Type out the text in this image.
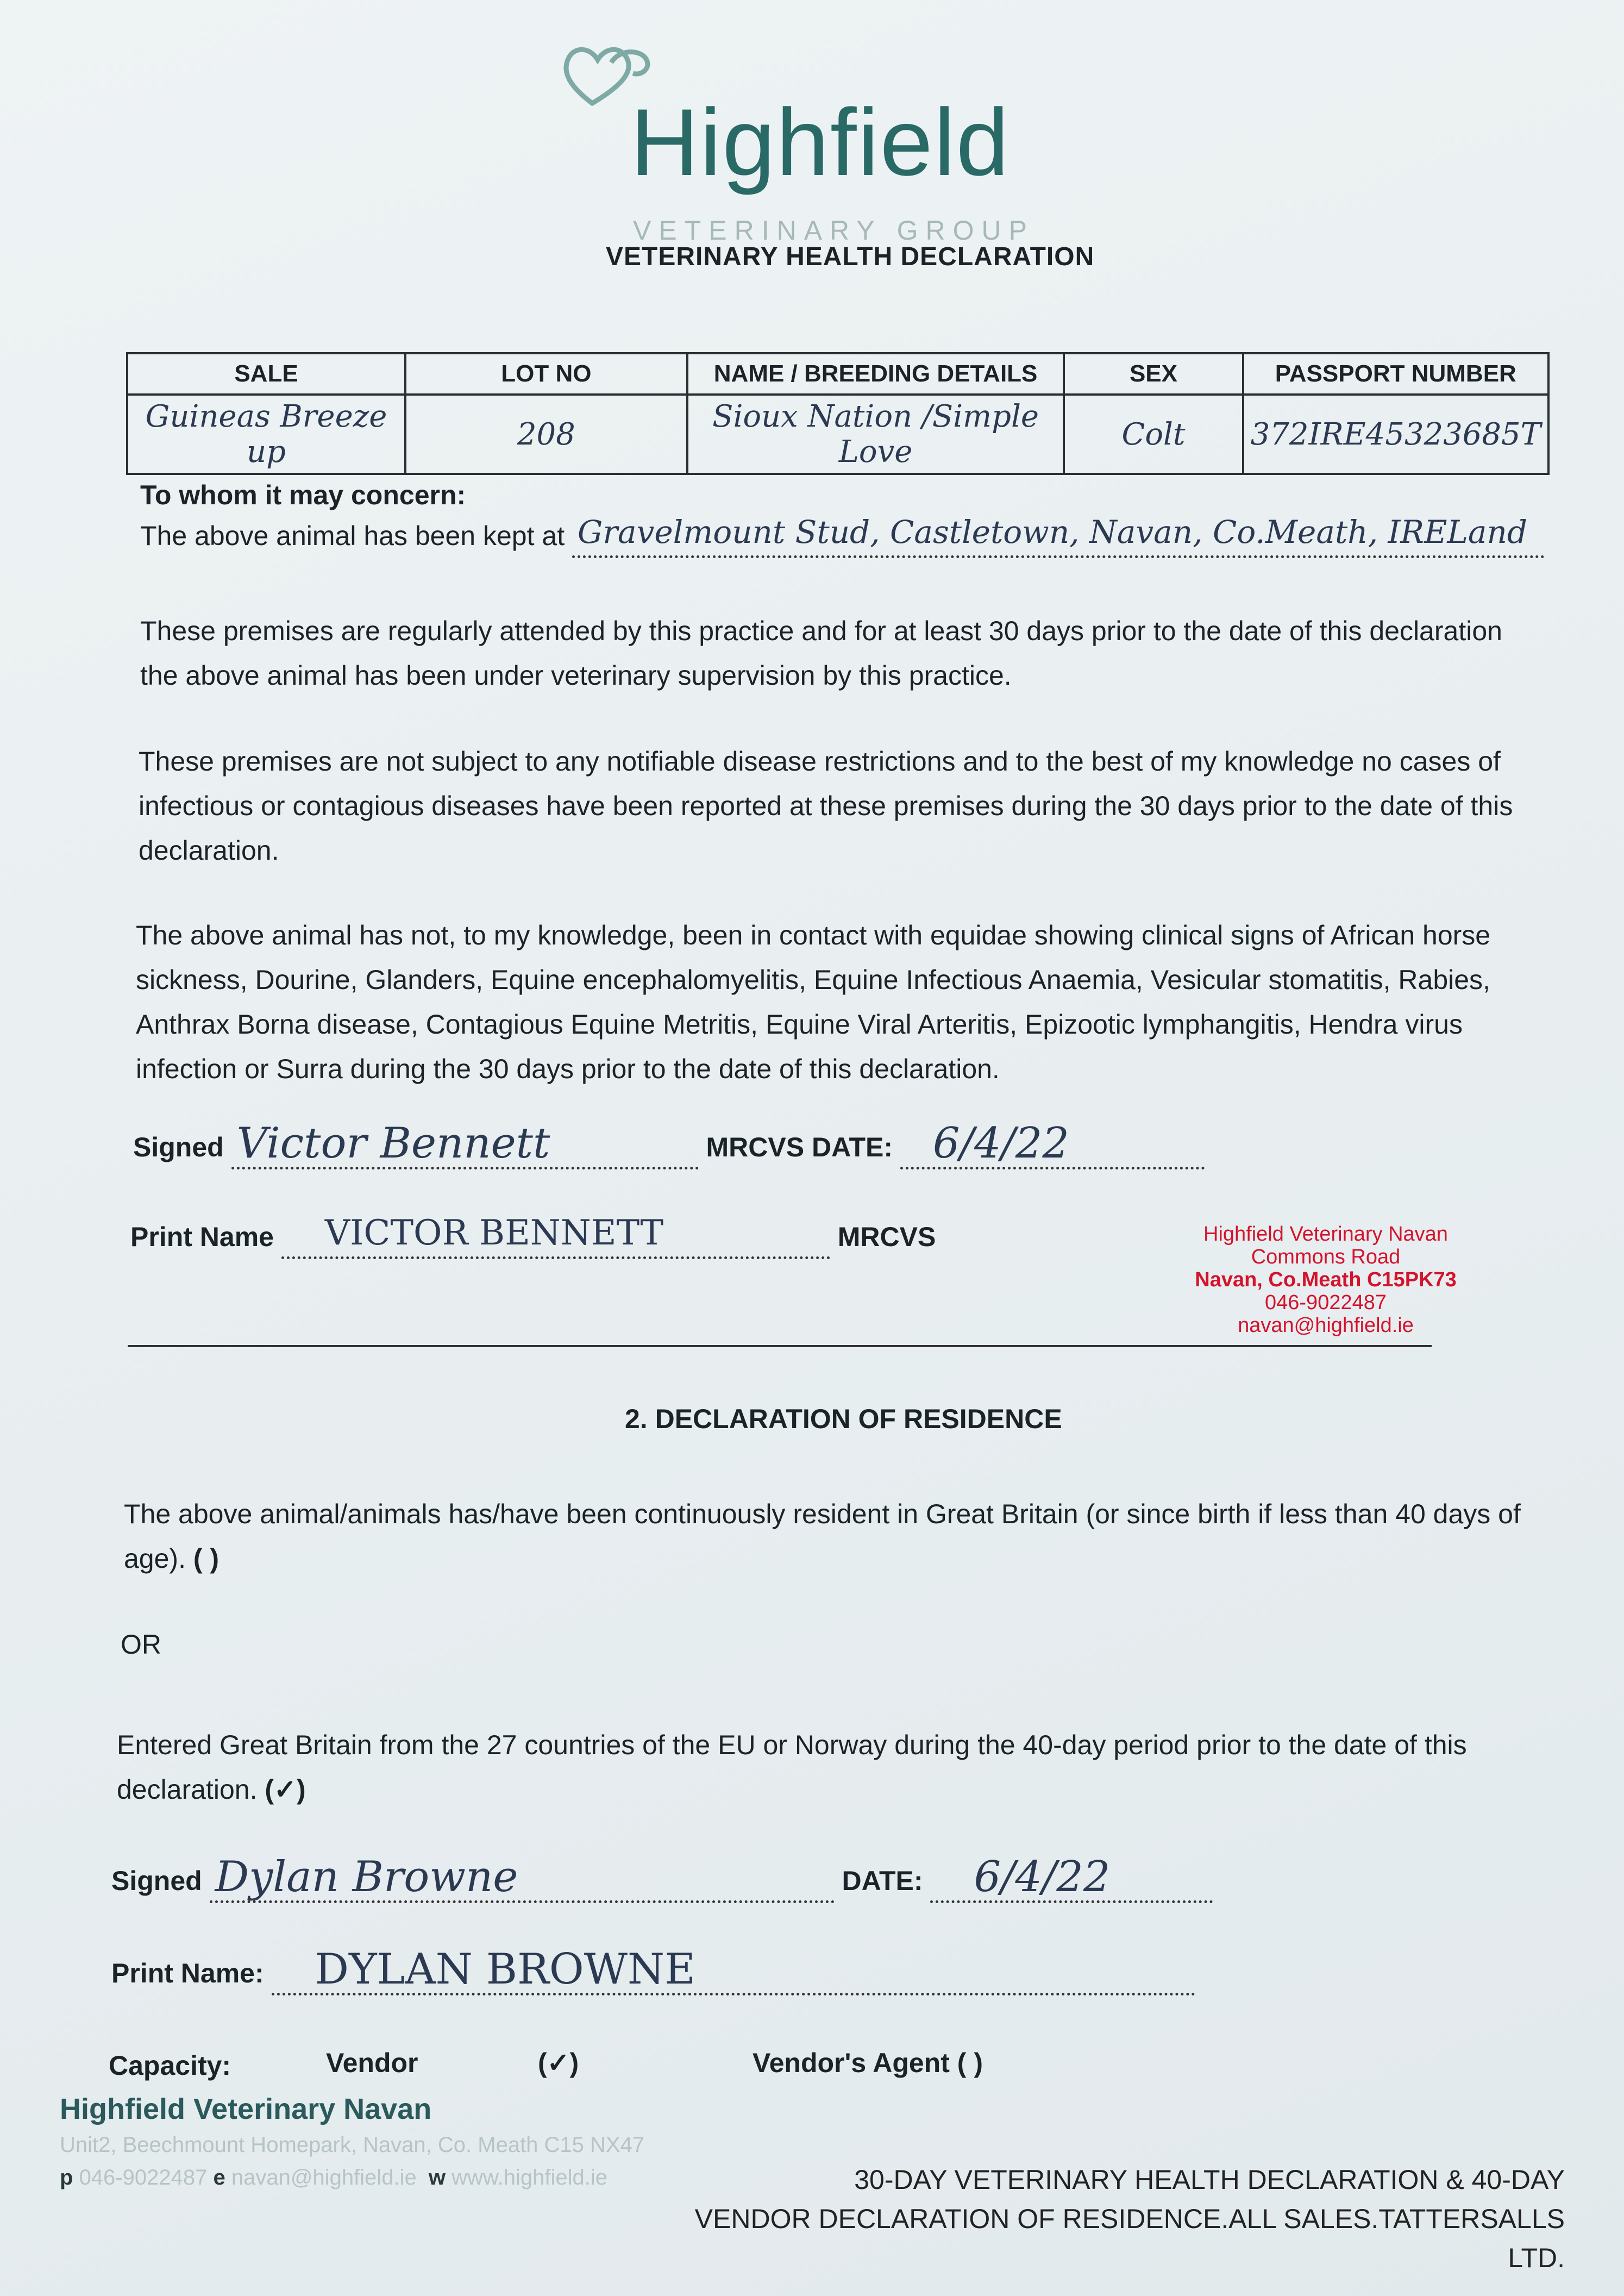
Highfield
VETERINARY GROUP
VETERINARY HEALTH DECLARATION
SALE	LOT NO	NAME / BREEDING DETAILS	SEX	PASSPORT NUMBER
Guineas Breeze up	208	Sioux Nation /Simple Love	Colt	372IRE45323685T
To whom it may concern:
The above animal has been kept at Gravelmount Stud, Castletown, Navan, Co.Meath, IRELand
These premises are regularly attended by this practice and for at least 30 days prior to the date of this declaration the above animal has been under veterinary supervision by this practice.
These premises are not subject to any notifiable disease restrictions and to the best of my knowledge no cases of infectious or contagious diseases have been reported at these premises during the 30 days prior to the date of this declaration.
The above animal has not, to my knowledge, been in contact with equidae showing clinical signs of African horse sickness, Dourine, Glanders, Equine encephalomyelitis, Equine Infectious Anaemia, Vesicular stomatitis, Rabies, Anthrax Borna disease, Contagious Equine Metritis, Equine Viral Arteritis, Epizootic lymphangitis, Hendra virus infection or Surra during the 30 days prior to the date of this declaration.
Signed Victor Bennett	MRCVS DATE: 6/4/22
Print Name VICTOR BENNETT	MRCVS	Highfield Veterinary Navan
Commons Road
Navan, Co.Meath C15PK73
046-9022487
navan@highfield.ie
2. DECLARATION OF RESIDENCE
The above animal/animals has/have been continuously resident in Great Britain (or since birth if less than 40 days of age). ( )
OR
Entered Great Britain from the 27 countries of the EU or Norway during the 40-day period prior to the date of this declaration. (✓)
Signed Dylan Browne	DATE: 6/4/22
Print Name: DYLAN BROWNE
Capacity:	Vendor	(✓)	Vendor's Agent ( )
Highfield Veterinary Navan
Unit2, Beechmount Homepark, Navan, Co. Meath C15 NX47
p 046-9022487 e navan@highfield.ie w www.highfield.ie	30-DAY VETERINARY HEALTH DECLARATION & 40-DAY
VENDOR DECLARATION OF RESIDENCE.ALL SALES.TATTERSALLS LTD.
